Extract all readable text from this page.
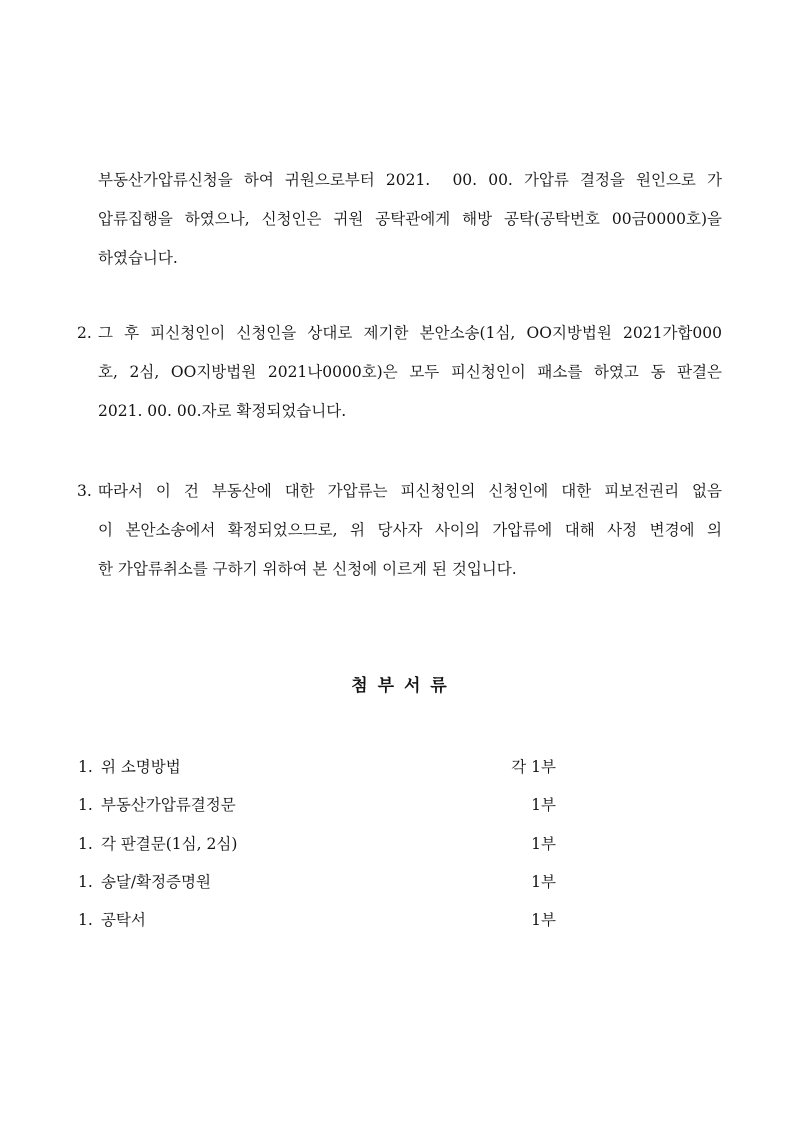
부동산가압류신청을 하여 귀원으로부터 2021.  00. 00. 가압류 결정을 원인으로 가
압류집행을 하였으나, 신청인은 귀원 공탁관에게 해방 공탁(공탁번호 00금0000호)을
하였습니다.
2. 그 후 피신청인이 신청인을 상대로 제기한 본안소송(1심, OO지방법원 2021가합000
호, 2심, OO지방법원 2021나0000호)은 모두 피신청인이 패소를 하였고 동 판결은
2021. 00. 00.자로 확정되었습니다.
3. 따라서 이 건 부동산에 대한 가압류는 피신청인의 신청인에 대한 피보전권리 없음
이 본안소송에서 확정되었으므로, 위 당사자 사이의 가압류에 대해 사정 변경에 의
한 가압류취소를 구하기 위하여 본 신청에 이르게 된 것입니다.
첨 부 서 류
1. 위 소명방법	각 1부
1. 부동산가압류결정문	1부
1. 각 판결문(1심, 2심)	1부
1. 송달/확정증명원	1부
1. 공탁서	1부
